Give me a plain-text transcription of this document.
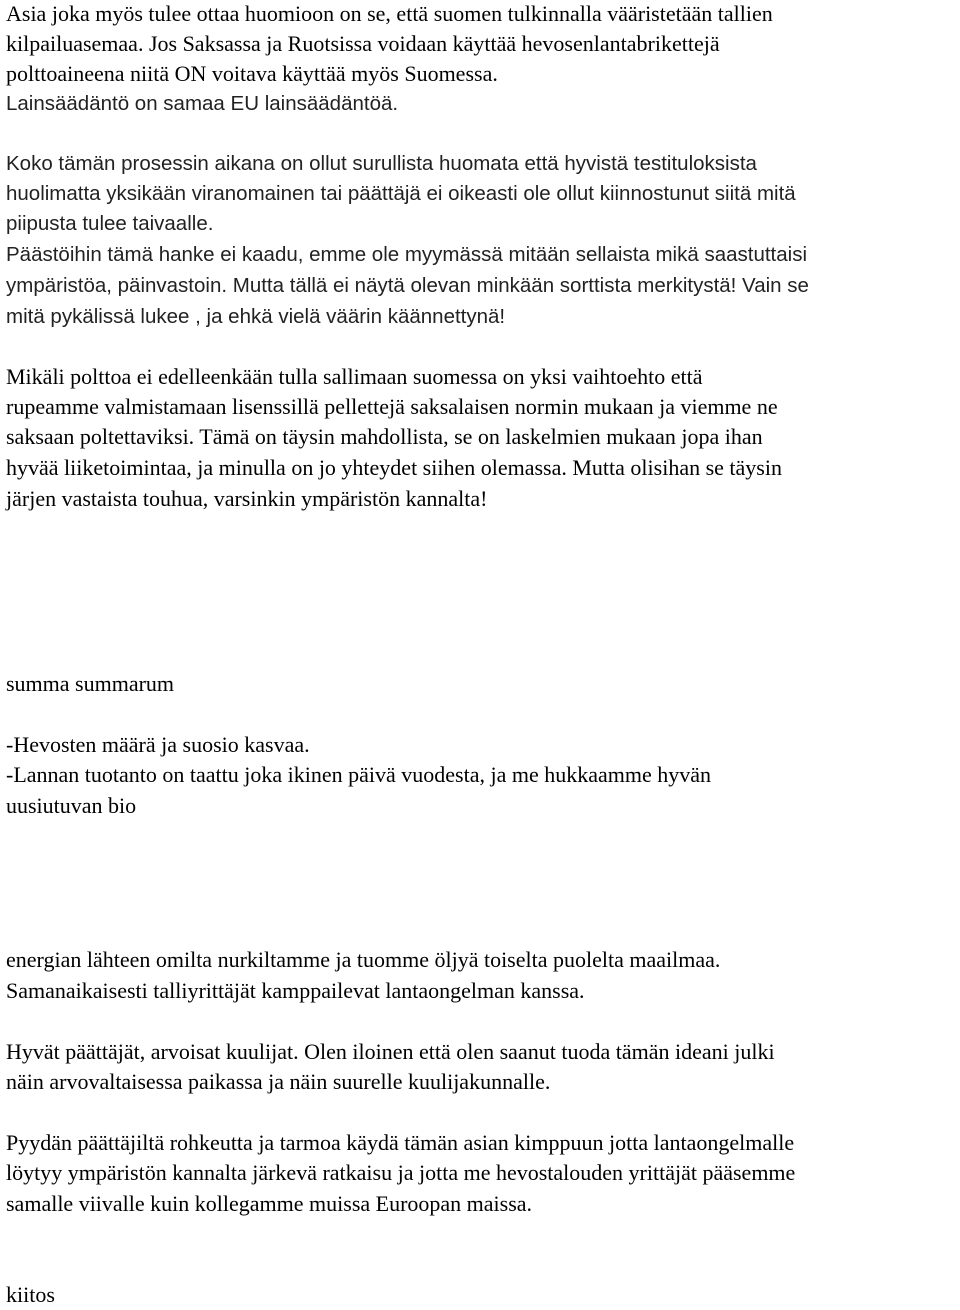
Asia joka myös tulee ottaa huomioon on se, että suomen tulkinnalla vääristetään tallien
kilpailuasemaa. Jos Saksassa ja Ruotsissa voidaan käyttää hevosenlantabrikettejä
polttoaineena niitä ON voitava käyttää myös Suomessa.
Lainsäädäntö on samaa EU lainsäädäntöä.
Koko tämän prosessin aikana on ollut surullista huomata että hyvistä testituloksista
huolimatta yksikään viranomainen tai päättäjä ei oikeasti ole ollut kiinnostunut siitä mitä
piipusta tulee taivaalle.
Päästöihin tämä hanke ei kaadu, emme ole myymässä mitään sellaista mikä saastuttaisi
ympäristöa, päinvastoin. Mutta tällä ei näytä olevan minkään sorttista merkitystä! Vain se
mitä pykälissä lukee , ja ehkä vielä väärin käännettynä!
Mikäli polttoa ei edelleenkään tulla sallimaan suomessa on yksi vaihtoehto että
rupeamme valmistamaan lisenssillä pellettejä saksalaisen normin mukaan ja viemme ne
saksaan poltettaviksi. Tämä on täysin mahdollista, se on laskelmien mukaan jopa ihan
hyvää liiketoimintaa, ja minulla on jo yhteydet siihen olemassa. Mutta olisihan se täysin
järjen vastaista touhua, varsinkin ympäristön kannalta!
summa summarum
-Hevosten määrä ja suosio kasvaa.
-Lannan tuotanto on taattu joka ikinen päivä vuodesta, ja me hukkaamme hyvän
uusiutuvan bio
energian lähteen omilta nurkiltamme ja tuomme öljyä toiselta puolelta maailmaa.
Samanaikaisesti talliyrittäjät kamppailevat lantaongelman kanssa.
Hyvät päättäjät, arvoisat kuulijat. Olen iloinen että olen saanut tuoda tämän ideani julki
näin arvovaltaisessa paikassa ja näin suurelle kuulijakunnalle.
Pyydän päättäjiltä rohkeutta ja tarmoa käydä tämän asian kimppuun jotta lantaongelmalle
löytyy ympäristön kannalta järkevä ratkaisu ja jotta me hevostalouden yrittäjät pääsemme
samalle viivalle kuin kollegamme muissa Euroopan maissa.
kiitos
